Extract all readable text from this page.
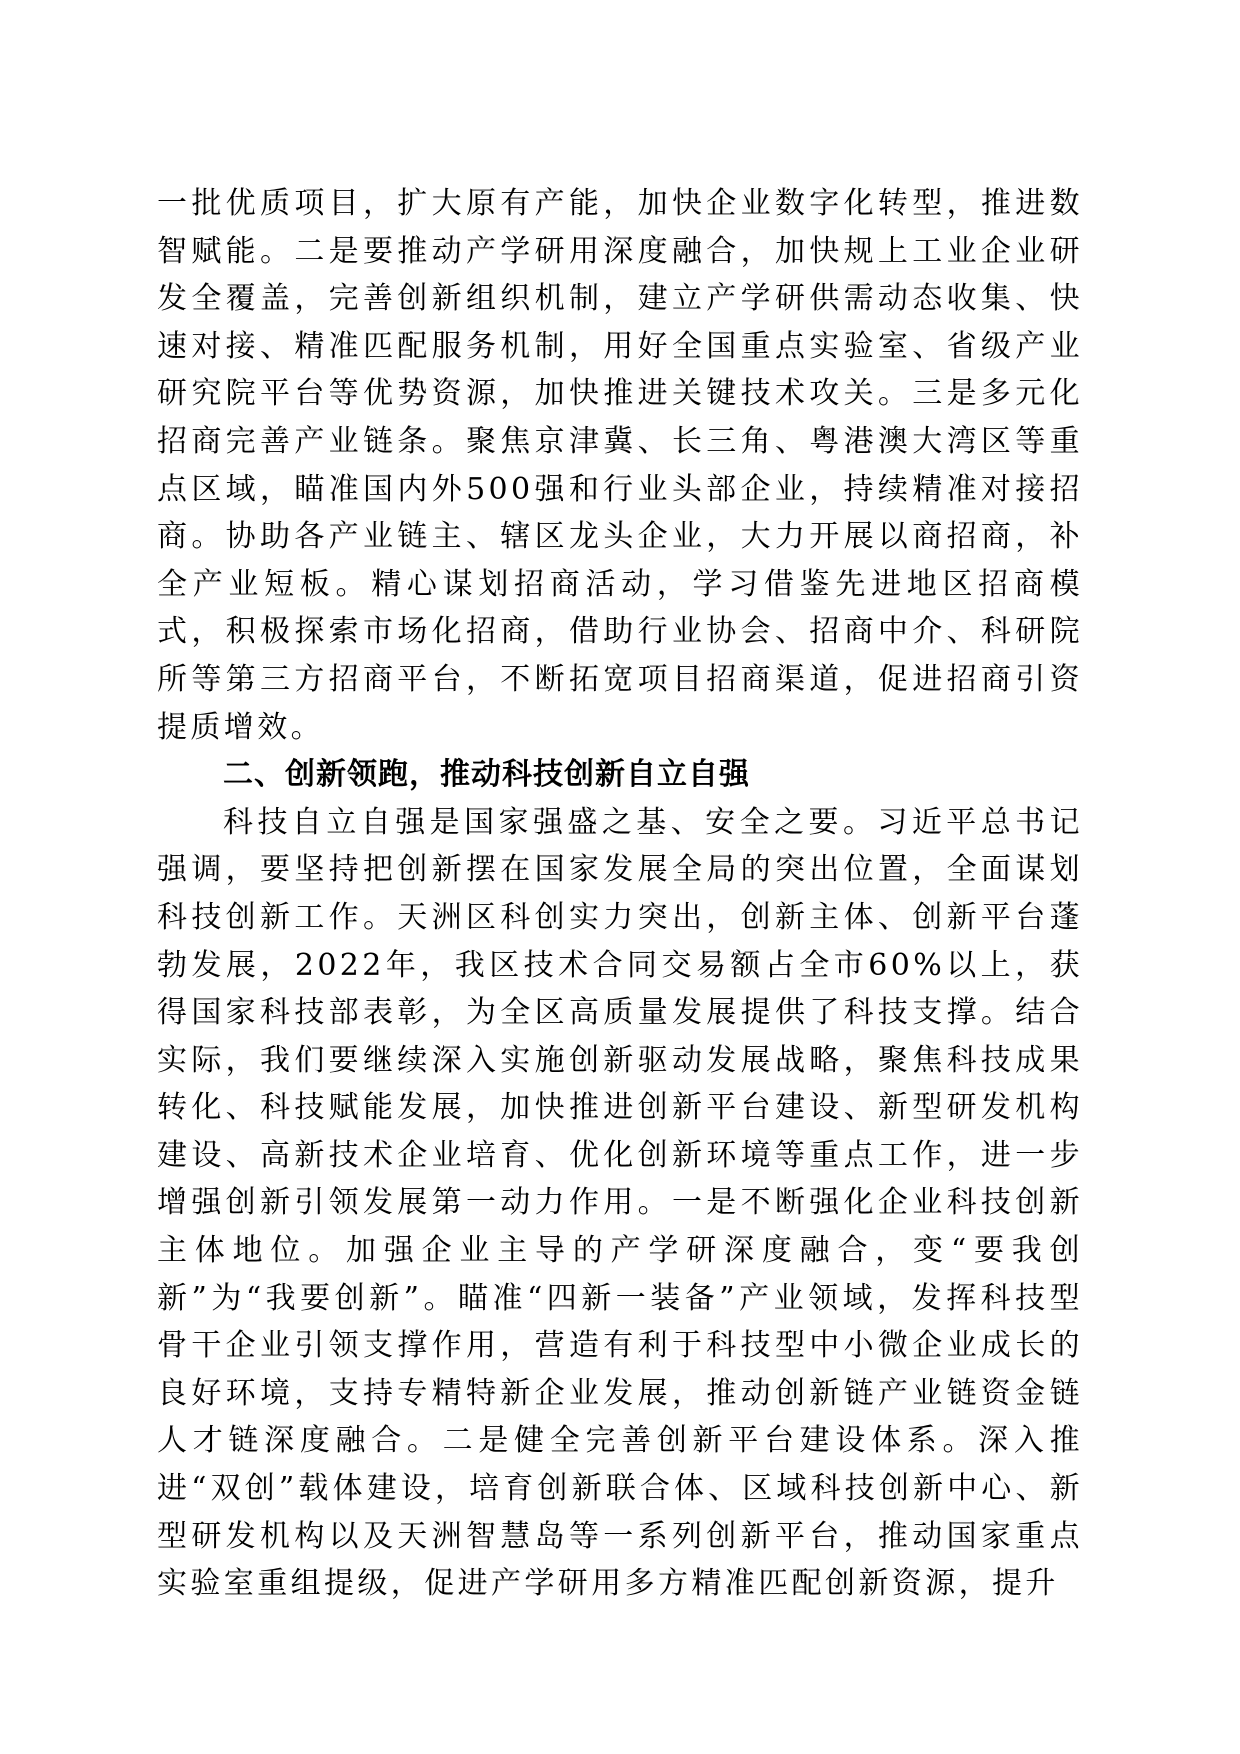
一批优质项目，扩大原有产能，加快企业数字化转型，推进数智赋能。二是要推动产学研用深度融合，加快规上工业企业研发全覆盖，完善创新组织机制，建立产学研供需动态收集、快速对接、精准匹配服务机制，用好全国重点实验室、省级产业研究院平台等优势资源，加快推进关键技术攻关。三是多元化招商完善产业链条。聚焦京津冀、长三角、粤港澳大湾区等重点区域，瞄准国内外500强和行业头部企业，持续精准对接招商。协助各产业链主、辖区龙头企业，大力开展以商招商，补全产业短板。精心谋划招商活动，学习借鉴先进地区招商模式，积极探索市场化招商，借助行业协会、招商中介、科研院所等第三方招商平台，不断拓宽项目招商渠道，促进招商引资提质增效。

二、创新领跑，推动科技创新自立自强

科技自立自强是国家强盛之基、安全之要。习近平总书记强调，要坚持把创新摆在国家发展全局的突出位置，全面谋划科技创新工作。天洲区科创实力突出，创新主体、创新平台蓬勃发展，2022年，我区技术合同交易额占全市60%以上，获得国家科技部表彰，为全区高质量发展提供了科技支撑。结合实际，我们要继续深入实施创新驱动发展战略，聚焦科技成果转化、科技赋能发展，加快推进创新平台建设、新型研发机构建设、高新技术企业培育、优化创新环境等重点工作，进一步增强创新引领发展第一动力作用。一是不断强化企业科技创新主体地位。加强企业主导的产学研深度融合，变“要我创新”为“我要创新”。瞄准“四新一装备”产业领域，发挥科技型骨干企业引领支撑作用，营造有利于科技型中小微企业成长的良好环境，支持专精特新企业发展，推动创新链产业链资金链人才链深度融合。二是健全完善创新平台建设体系。深入推进“双创”载体建设，培育创新联合体、区域科技创新中心、新型研发机构以及天洲智慧岛等一系列创新平台，推动国家重点实验室重组提级，促进产学研用多方精准匹配创新资源，提升
